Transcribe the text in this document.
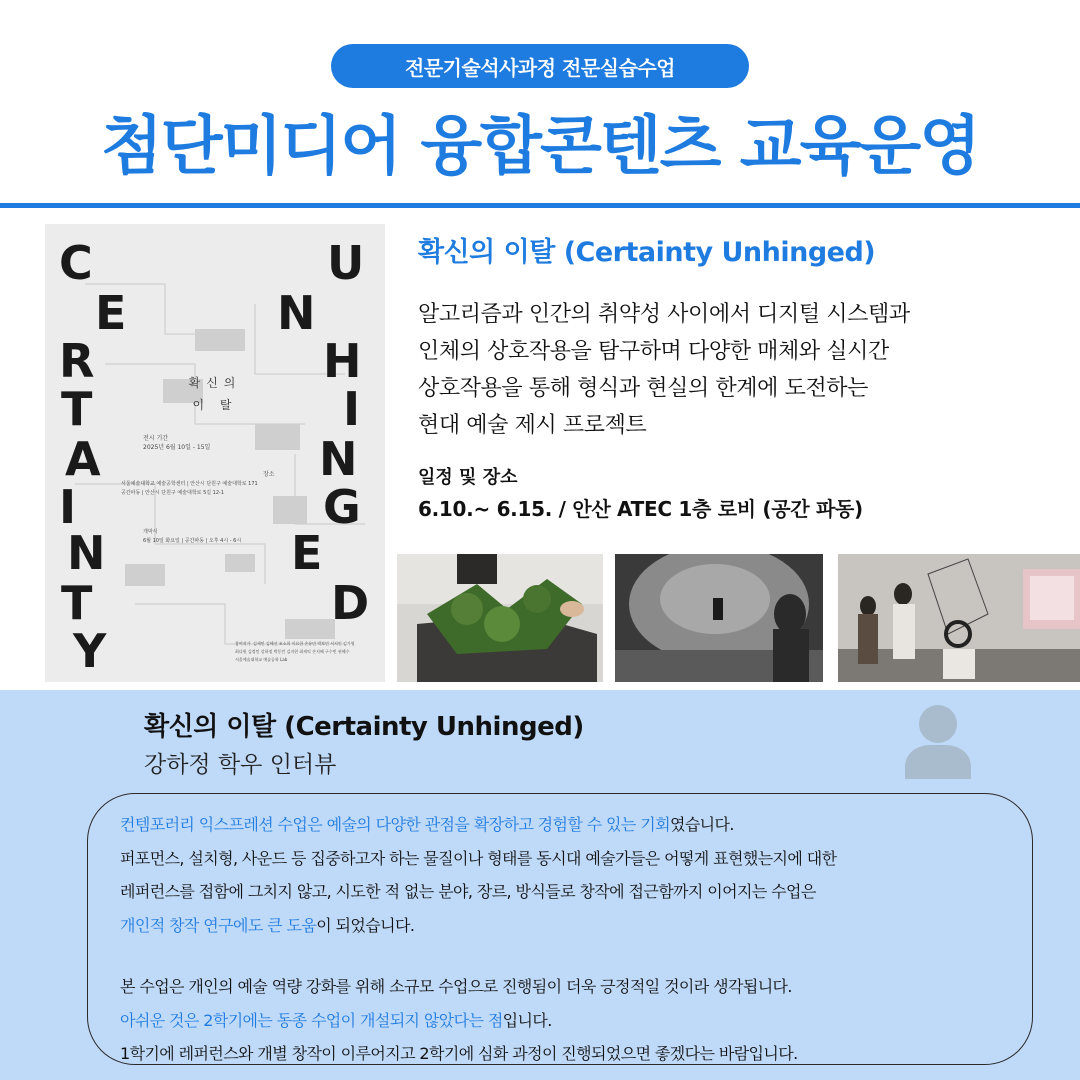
전문기술석사과정 전문실습수업
첨단미디어 융합콘텐츠 교육운영
C
E
R
T
A
I
N
T
Y
U
N
H
I
N
G
E
D
확신의
이 탈
전시 기간
2025년 6월 10일 - 15일
장소
서울예술대학교 예술공학센터 | 안산시 단원구 예술대학로 171
공간파동 | 안산시 단원구 예술대학로 5길 12-1
개막식
6월 10일 화요일 | 공간파동 | 오후 4시 - 6시
참여작가  김세민 김해선 조소희 이요한 손유민 박보민 서지인 김가영
최다원 김정민 강하정 박동민 김지현 최세익 손지혜 구수빈 권혜수
서울예술대학교 예술공학 Lab
확신의 이탈 (Certainty Unhinged)
알고리즘과 인간의 취약성 사이에서 디지털 시스템과
인체의 상호작용을 탐구하며 다양한 매체와 실시간
상호작용을 통해 형식과 현실의 한계에 도전하는
현대 예술 제시 프로젝트
일정 및 장소
6.10.~ 6.15. / 안산 ATEC 1층 로비 (공간 파동)
확신의 이탈 (Certainty Unhinged)
강하정 학우 인터뷰
컨템포러리 익스프레션 수업은 예술의 다양한 관점을 확장하고 경험할 수 있는 기회였습니다.
퍼포먼스, 설치형, 사운드 등 집중하고자 하는 물질이나 형태를 동시대 예술가들은 어떻게 표현했는지에 대한
레퍼런스를 접함에 그치지 않고, 시도한 적 없는 분야, 장르, 방식들로 창작에 접근함까지 이어지는 수업은
개인적 창작 연구에도 큰 도움이 되었습니다.
본 수업은 개인의 예술 역량 강화를 위해 소규모 수업으로 진행됨이 더욱 긍정적일 것이라 생각됩니다.
아쉬운 것은 2학기에는 동종 수업이 개설되지 않았다는 점입니다.
1학기에 레퍼런스와 개별 창작이 이루어지고 2학기에 심화 과정이 진행되었으면 좋겠다는 바람입니다.
